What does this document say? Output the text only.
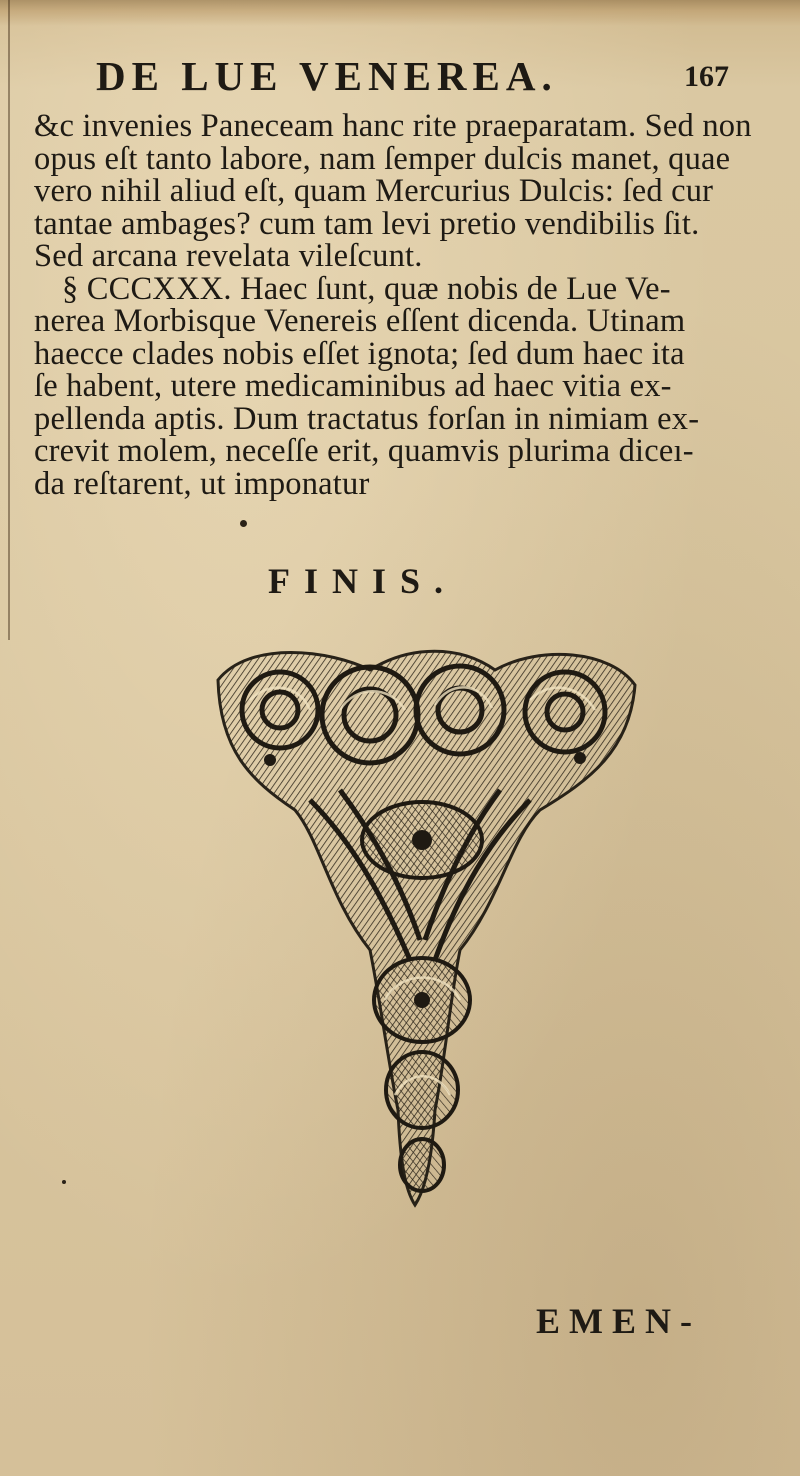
DE LUE VENEREA.	167
&c invenies Paneceam hanc rite praeparatam. Sed non
opus eſt tanto labore, nam ſemper dulcis manet, quae
vero nihil aliud eſt, quam Mercurius Dulcis: ſed cur
tantae ambages? cum tam levi pretio vendibilis ſit.
Sed arcana revelata vileſcunt.
§ CCCXXX. Haec ſunt, quæ nobis de Lue Ve-
nerea Morbisque Venereis eſſent dicenda. Utinam
haecce clades nobis eſſet ignota; ſed dum haec ita
ſe habent, utere medicaminibus ad haec vitia ex-
pellenda aptis. Dum tractatus forſan in nimiam ex-
crevit molem, neceſſe erit, quamvis plurima diceı-
da reſtarent, ut imponatur
FINIS.
EMEN-
